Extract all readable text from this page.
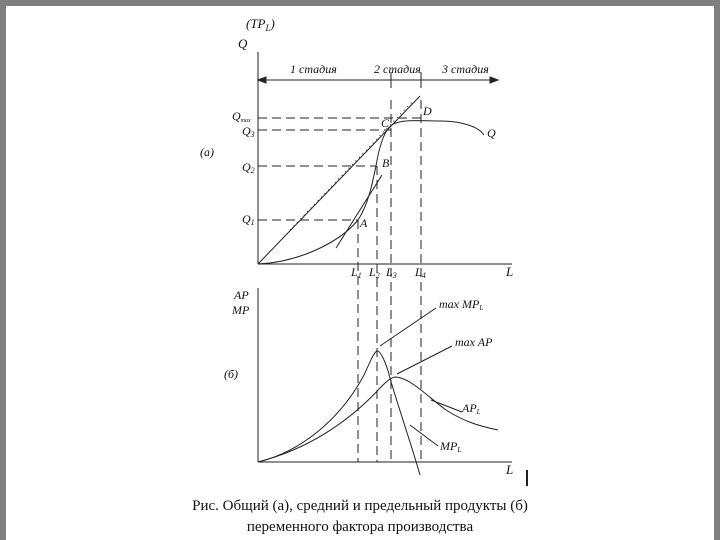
$(TP_L)$
Q
1 стадия	2 стадия 3 стадия
Qmax
Q3
(а)
Q2
Q1
D
C
B
A
Q
L1 L2 L3 L4	L
AP
MP
(б)
max MPL
max AP
APL
MPL
L
Рис. Общий (а), средний и предельный продукты (б)
переменного фактора производства
